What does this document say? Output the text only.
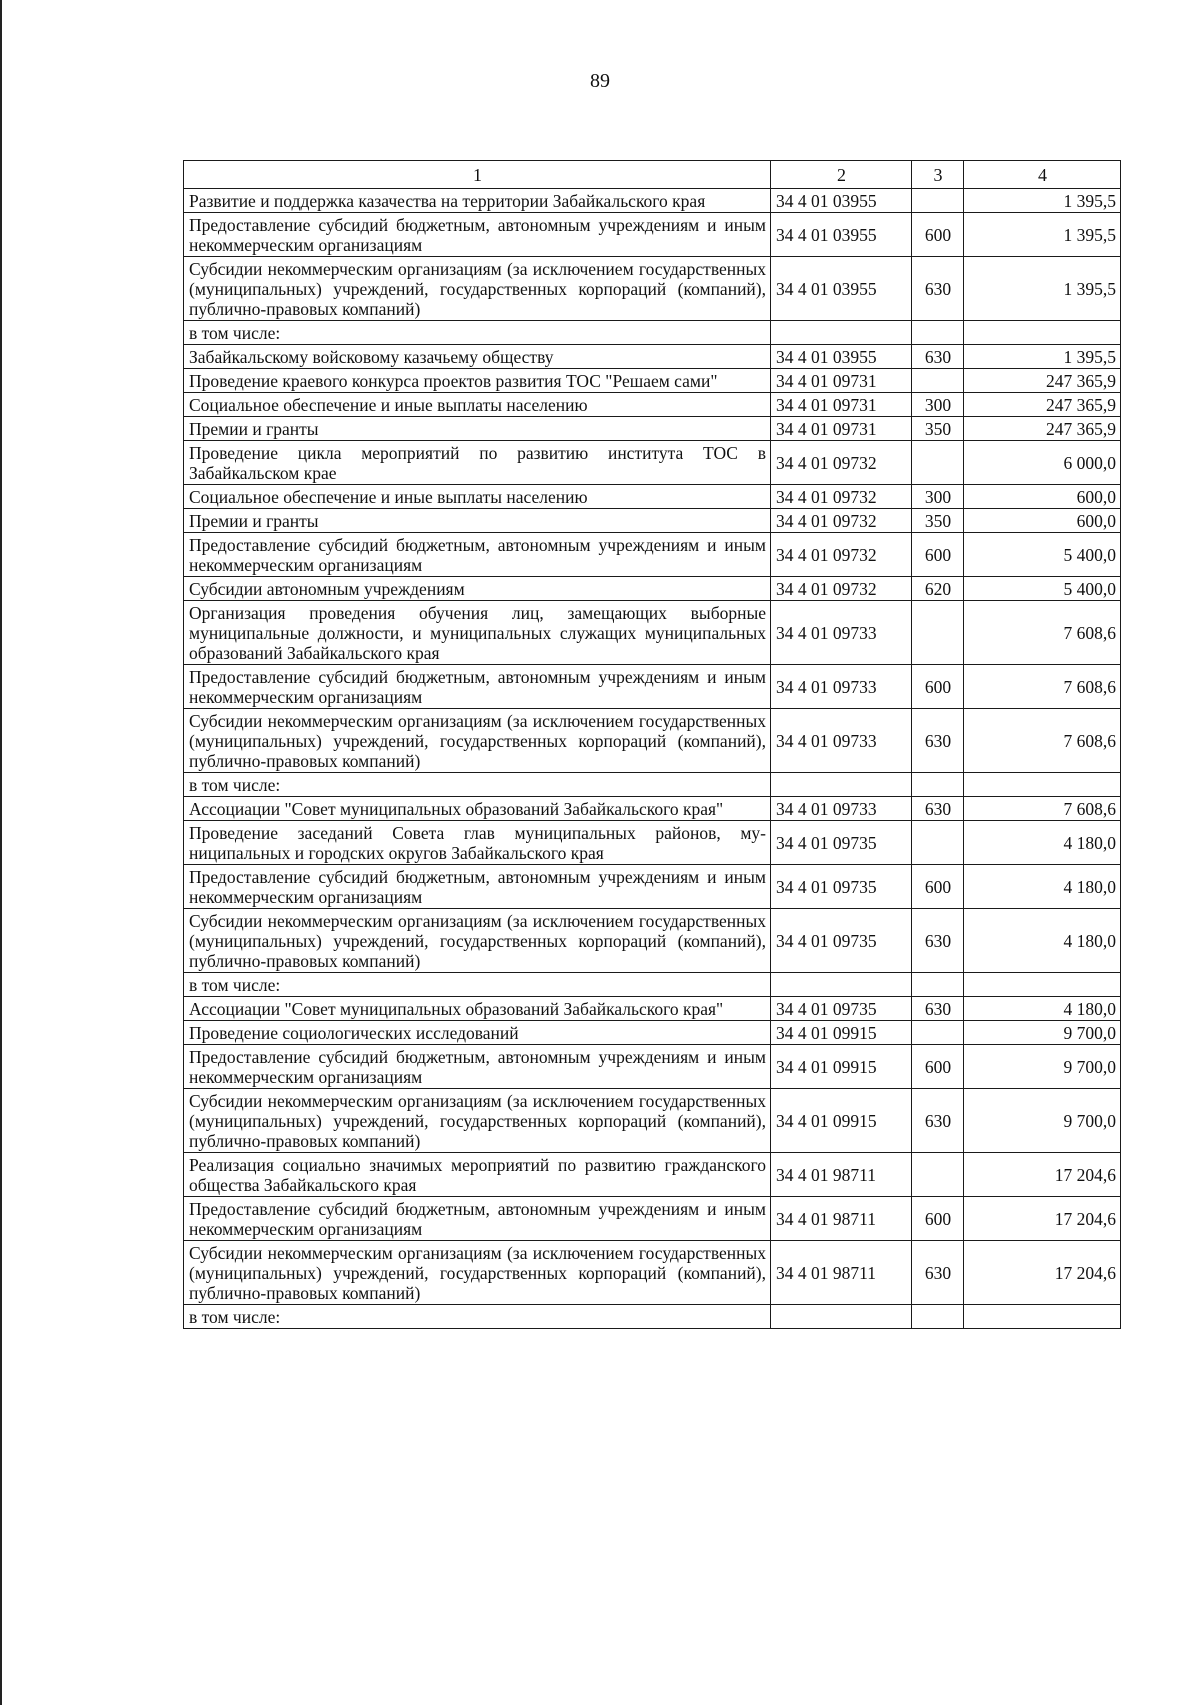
89
1	2	3	4
Развитие и поддержка казачества на территории Забайкальского края	34 4 01 03955		1 395,5
Предоставление субсидий бюджетным, автономным учреждениям и иным некоммерческим организациям	34 4 01 03955	600	1 395,5
Субсидии некоммерческим организациям (за исключением государственных (муниципальных) учреждений, государственных корпораций (компаний), публично-правовых компаний)	34 4 01 03955	630	1 395,5
в том числе:			
Забайкальскому войсковому казачьему обществу	34 4 01 03955	630	1 395,5
Проведение краевого конкурса проектов развития ТОС "Решаем сами"	34 4 01 09731		247 365,9
Социальное обеспечение и иные выплаты населению	34 4 01 09731	300	247 365,9
Премии и гранты	34 4 01 09731	350	247 365,9
Проведение цикла мероприятий по развитию института ТОС в Забайкальском крае	34 4 01 09732		6 000,0
Социальное обеспечение и иные выплаты населению	34 4 01 09732	300	600,0
Премии и гранты	34 4 01 09732	350	600,0
Предоставление субсидий бюджетным, автономным учреждениям и иным некоммерческим организациям	34 4 01 09732	600	5 400,0
Субсидии автономным учреждениям	34 4 01 09732	620	5 400,0
Организация проведения обучения лиц, замещающих выборные муниципальные должности, и муниципальных служащих муниципальных образований Забайкальского края	34 4 01 09733		7 608,6
Предоставление субсидий бюджетным, автономным учреждениям и иным некоммерческим организациям	34 4 01 09733	600	7 608,6
Субсидии некоммерческим организациям (за исключением государственных (муниципальных) учреждений, государственных корпораций (компаний), публично-правовых компаний)	34 4 01 09733	630	7 608,6
в том числе:			
Ассоциации "Совет муниципальных образований Забайкальского края"	34 4 01 09733	630	7 608,6
Проведение заседаний Совета глав муниципальных районов, муниципальных и городских округов Забайкальского края	34 4 01 09735		4 180,0
Предоставление субсидий бюджетным, автономным учреждениям и иным некоммерческим организациям	34 4 01 09735	600	4 180,0
Субсидии некоммерческим организациям (за исключением государственных (муниципальных) учреждений, государственных корпораций (компаний), публично-правовых компаний)	34 4 01 09735	630	4 180,0
в том числе:			
Ассоциации "Совет муниципальных образований Забайкальского края"	34 4 01 09735	630	4 180,0
Проведение социологических исследований	34 4 01 09915		9 700,0
Предоставление субсидий бюджетным, автономным учреждениям и иным некоммерческим организациям	34 4 01 09915	600	9 700,0
Субсидии некоммерческим организациям (за исключением государственных (муниципальных) учреждений, государственных корпораций (компаний), публично-правовых компаний)	34 4 01 09915	630	9 700,0
Реализация социально значимых мероприятий по развитию гражданского общества Забайкальского края	34 4 01 98711		17 204,6
Предоставление субсидий бюджетным, автономным учреждениям и иным некоммерческим организациям	34 4 01 98711	600	17 204,6
Субсидии некоммерческим организациям (за исключением государственных (муниципальных) учреждений, государственных корпораций (компаний), публично-правовых компаний)	34 4 01 98711	630	17 204,6
в том числе:			
